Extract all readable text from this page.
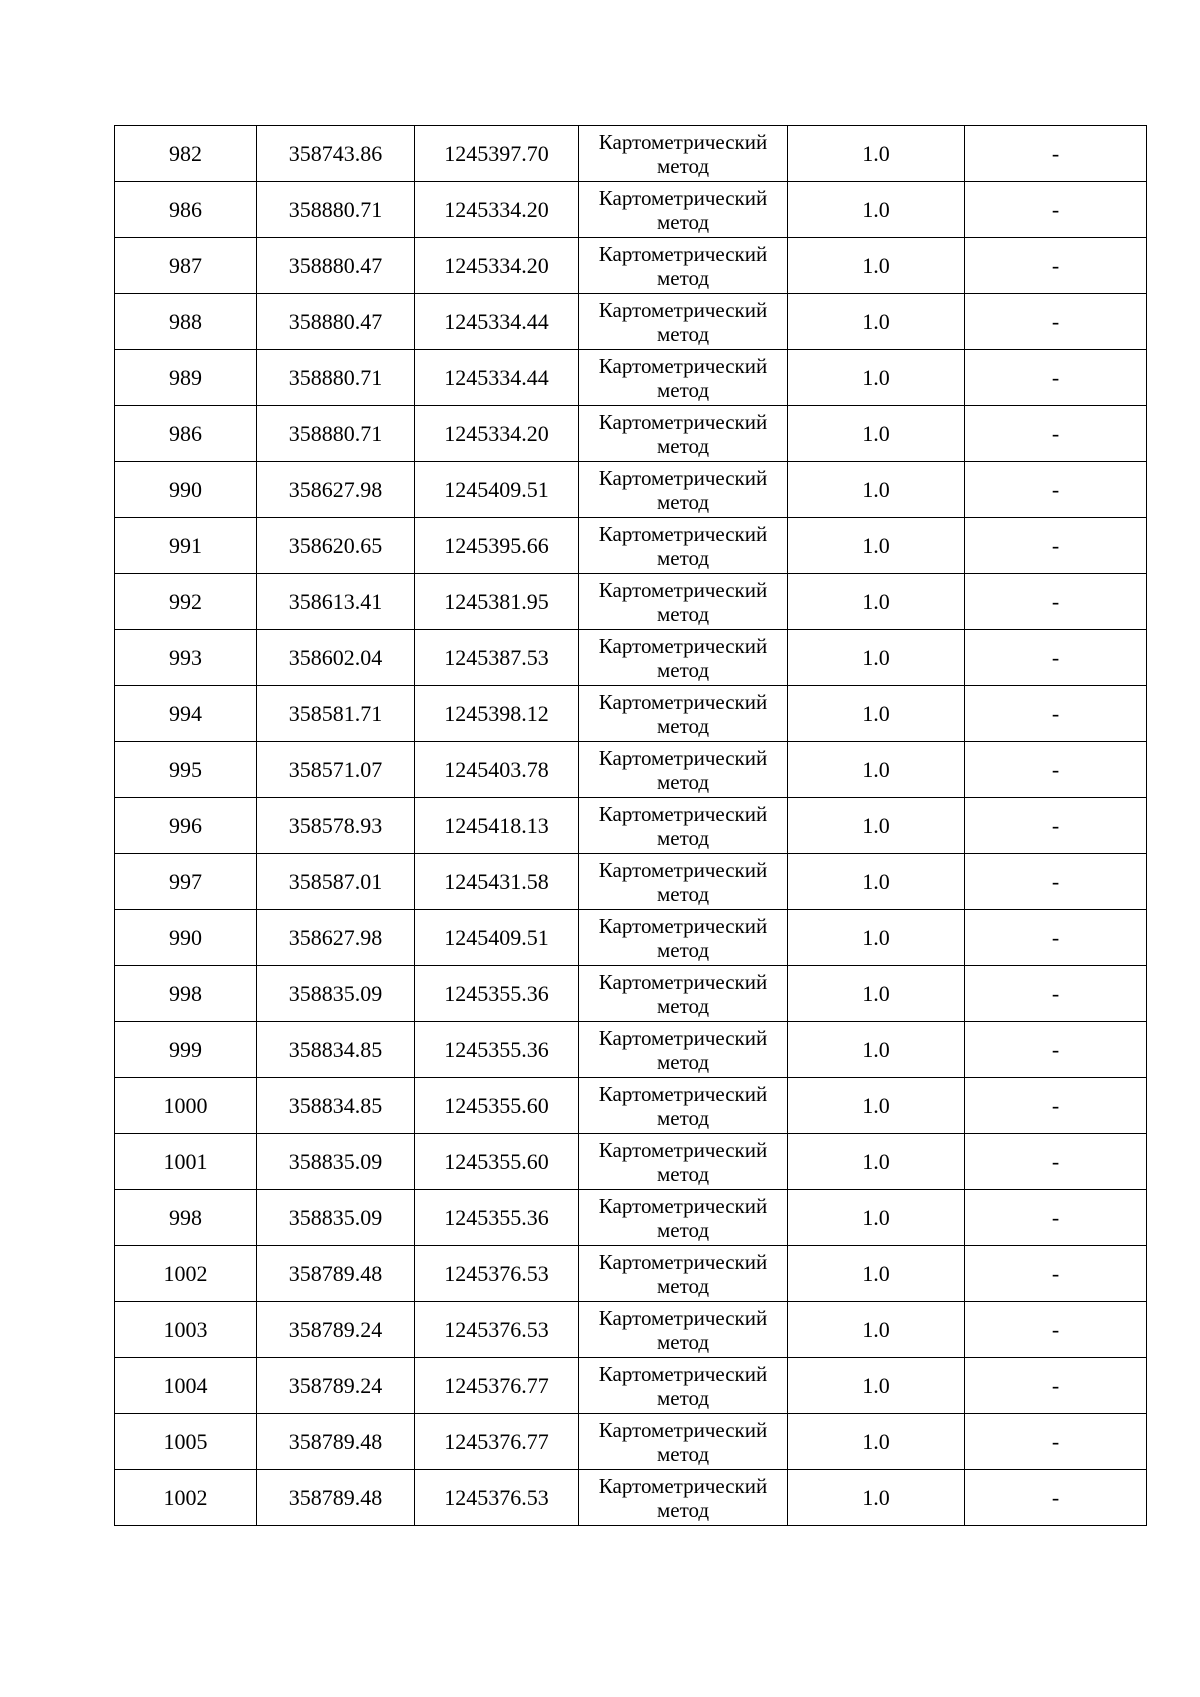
982	358743.86	1245397.70	Картометрический
метод	1.0	-
986	358880.71	1245334.20	Картометрический
метод	1.0	-
987	358880.47	1245334.20	Картометрический
метод	1.0	-
988	358880.47	1245334.44	Картометрический
метод	1.0	-
989	358880.71	1245334.44	Картометрический
метод	1.0	-
986	358880.71	1245334.20	Картометрический
метод	1.0	-
990	358627.98	1245409.51	Картометрический
метод	1.0	-
991	358620.65	1245395.66	Картометрический
метод	1.0	-
992	358613.41	1245381.95	Картометрический
метод	1.0	-
993	358602.04	1245387.53	Картометрический
метод	1.0	-
994	358581.71	1245398.12	Картометрический
метод	1.0	-
995	358571.07	1245403.78	Картометрический
метод	1.0	-
996	358578.93	1245418.13	Картометрический
метод	1.0	-
997	358587.01	1245431.58	Картометрический
метод	1.0	-
990	358627.98	1245409.51	Картометрический
метод	1.0	-
998	358835.09	1245355.36	Картометрический
метод	1.0	-
999	358834.85	1245355.36	Картометрический
метод	1.0	-
1000	358834.85	1245355.60	Картометрический
метод	1.0	-
1001	358835.09	1245355.60	Картометрический
метод	1.0	-
998	358835.09	1245355.36	Картометрический
метод	1.0	-
1002	358789.48	1245376.53	Картометрический
метод	1.0	-
1003	358789.24	1245376.53	Картометрический
метод	1.0	-
1004	358789.24	1245376.77	Картометрический
метод	1.0	-
1005	358789.48	1245376.77	Картометрический
метод	1.0	-
1002	358789.48	1245376.53	Картометрический
метод	1.0	-
